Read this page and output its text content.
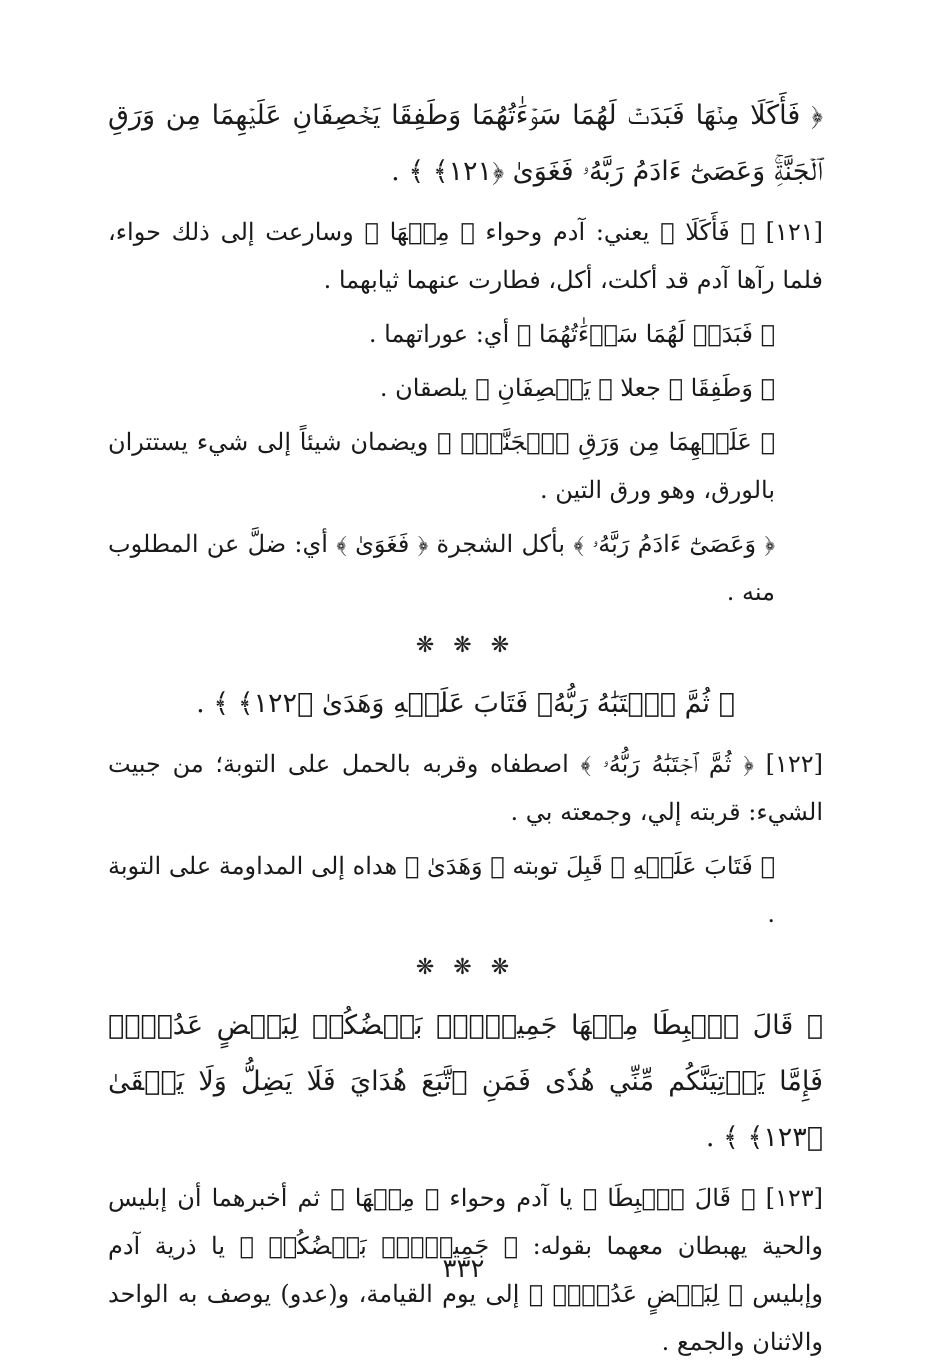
﴿ فَأَكَلَا مِنۡهَا فَبَدَتۡ لَهُمَا سَوۡءَٰتُهُمَا وَطَفِقَا يَخۡصِفَانِ عَلَيۡهِمَا مِن وَرَقِ ٱلۡجَنَّةِۚ وَعَصَىٰٓ ءَادَمُ رَبَّهُۥ فَغَوَىٰ ﴿١٢١﴾ ﴾ .

[١٢١] ﴿ فَأَكَلَا ﴾ يعني: آدم وحواء ﴿ مِنۡهَا ﴾ وسارعت إلى ذلك حواء، فلما رآها آدم قد أكلت، أكل، فطارت عنهما ثيابهما .

﴿ فَبَدَتۡ لَهُمَا سَوۡءَٰتُهُمَا ﴾ أي: عوراتهما .

﴿ وَطَفِقَا ﴾ جعلا ﴿ يَخۡصِفَانِ ﴾ يلصقان .

﴿ عَلَيۡهِمَا مِن وَرَقِ ٱلۡجَنَّةِۚ ﴾ ويضمان شيئاً إلى شيء يستتران بالورق، وهو ورق التين .

﴿ وَعَصَىٰٓ ءَادَمُ رَبَّهُۥ ﴾ بأكل الشجرة ﴿ فَغَوَىٰ ﴾ أي: ضلَّ عن المطلوب منه .

❋ ❋ ❋

﴿ ثُمَّ ٱجۡتَبَٰهُ رَبُّهُۥ فَتَابَ عَلَيۡهِ وَهَدَىٰ ﴿١٢٢﴾ ﴾ .

[١٢٢] ﴿ ثُمَّ ٱجۡتَبَٰهُ رَبُّهُۥ ﴾ اصطفاه وقربه بالحمل على التوبة؛ من جبيت الشيء: قربته إلي، وجمعته بي .

﴿ فَتَابَ عَلَيۡهِ ﴾ قَبِلَ توبته ﴿ وَهَدَىٰ ﴾ هداه إلى المداومة على التوبة .

❋ ❋ ❋

﴿ قَالَ ٱهۡبِطَا مِنۡهَا جَمِيعَۢاۖ بَعۡضُكُمۡ لِبَعۡضٍ عَدُوّٞۖ فَإِمَّا يَأۡتِيَنَّكُم مِّنِّي هُدٗى فَمَنِ ٱتَّبَعَ هُدَايَ فَلَا يَضِلُّ وَلَا يَشۡقَىٰ ﴿١٢٣﴾ ﴾ .

[١٢٣] ﴿ قَالَ ٱهۡبِطَا ﴾ يا آدم وحواء ﴿ مِنۡهَا ﴾ ثم أخبرهما أن إبليس والحية يهبطان معهما بقوله: ﴿ جَمِيعَۢاۖ بَعۡضُكُمۡ ﴾ يا ذرية آدم وإبليس ﴿ لِبَعۡضٍ عَدُوّٞۖ ﴾ إلى يوم القيامة، و(عدو) يوصف به الواحد والاثنان والجمع .

٣٣٢
